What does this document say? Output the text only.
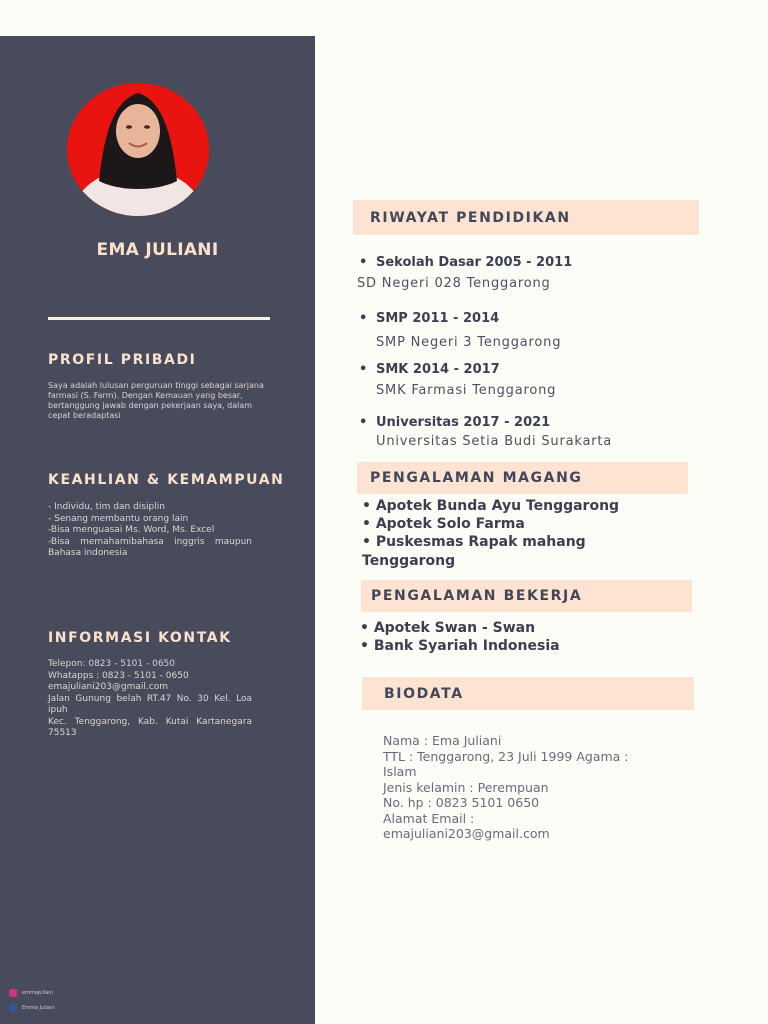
EMA JULIANI
PROFIL PRIBADI
Saya adalah lulusan perguruan tinggi sebagai sarjana farmasi (S. Farm). Dengan Kemauan yang besar, bertanggung jawab dengan pekerjaan saya, dalam cepat beradaptasi
KEAHLIAN & KEMAMPUAN
- Individu, tim dan disiplin
- Senang membantu orang lain
-Bisa menguasai Ms. Word, Ms. Excel
-Bisa memahamibahasa inggris maupun Bahasa indonesia
INFORMASI KONTAK
Telepon: 0823 - 5101 - 0650
Whatapps : 0823 - 5101 - 0650
emajuliani203@gmail.com
Jalan Gunung belah RT.47 No. 30 Kel. Loa ipuh
Kec. Tenggarong, Kab. Kutai Kartanegara 75513
emmajuliani
Emma Juliani
RIWAYAT PENDIDIKAN
• Sekolah Dasar 2005 - 2011
SD Negeri 028 Tenggarong
• SMP 2011 - 2014
SMP Negeri 3 Tenggarong
• SMK 2014 - 2017
SMK Farmasi Tenggarong
• Universitas 2017 - 2021
Universitas Setia Budi Surakarta
PENGALAMAN MAGANG
• Apotek Bunda Ayu Tenggarong
• Apotek Solo Farma
• Puskesmas Rapak mahang Tenggarong
PENGALAMAN BEKERJA
• Apotek Swan - Swan
• Bank Syariah Indonesia
BIODATA
Nama : Ema Juliani
TTL : Tenggarong, 23 Juli 1999 Agama : Islam
Jenis kelamin : Perempuan
No. hp : 0823 5101 0650
Alamat Email : emajuliani203@gmail.com
